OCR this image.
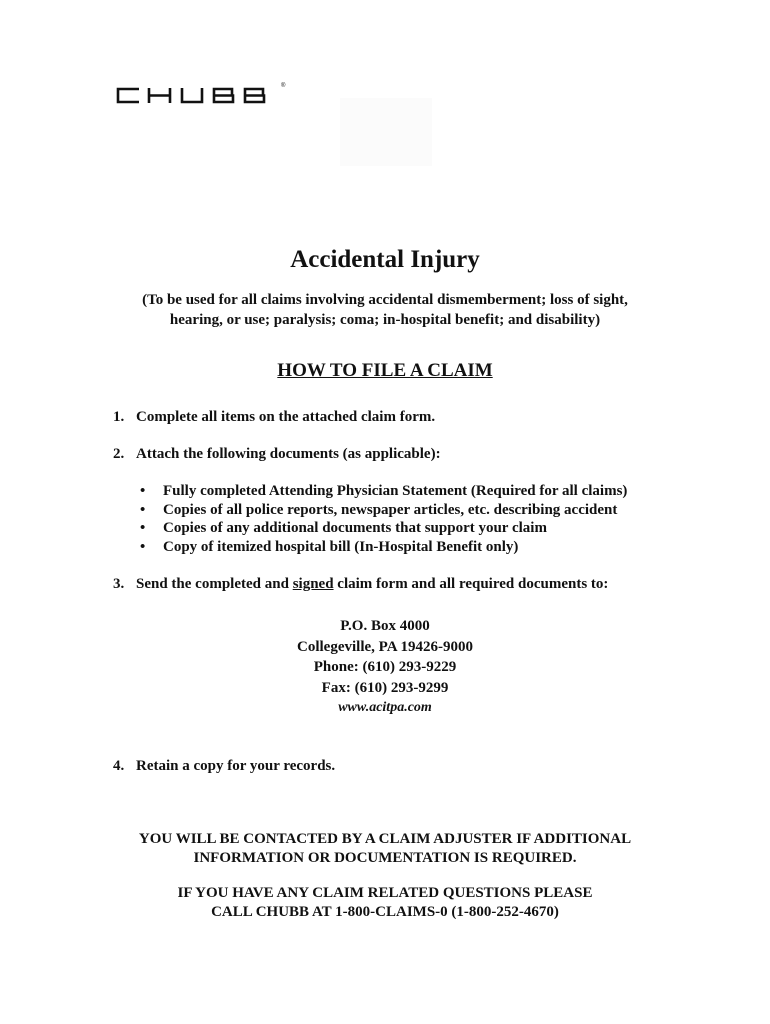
®
Accidental Injury
(To be used for all claims involving accidental dismemberment; loss of sight,
hearing, or use; paralysis; coma; in-hospital benefit; and disability)
HOW TO FILE A CLAIM
1. Complete all items on the attached claim form.
2. Attach the following documents (as applicable):
• Fully completed Attending Physician Statement (Required for all claims)
• Copies of all police reports, newspaper articles, etc. describing accident
• Copies of any additional documents that support your claim
• Copy of itemized hospital bill (In-Hospital Benefit only)
3. Send the completed and signed claim form and all required documents to:
P.O. Box 4000
Collegeville, PA 19426-9000
Phone: (610) 293-9229
Fax: (610) 293-9299
www.acitpa.com
4. Retain a copy for your records.
YOU WILL BE CONTACTED BY A CLAIM ADJUSTER IF ADDITIONAL
INFORMATION OR DOCUMENTATION IS REQUIRED.
IF YOU HAVE ANY CLAIM RELATED QUESTIONS PLEASE
CALL CHUBB AT 1-800-CLAIMS-0 (1-800-252-4670)
